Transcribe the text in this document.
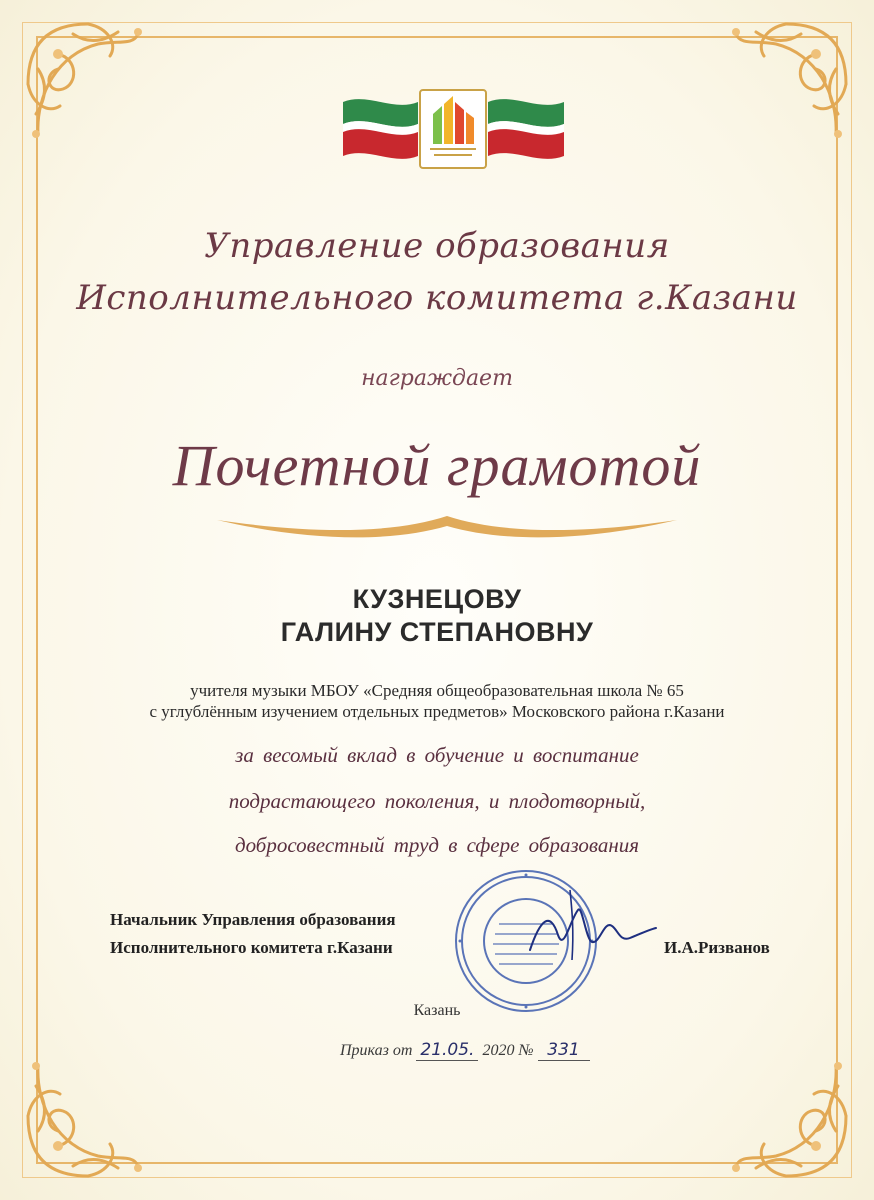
Управление образования
Исполнительного комитета г.Казани
награждает
Почетной грамотой
КУЗНЕЦОВУ
ГАЛИНУ СТЕПАНОВНУ
учителя музыки МБОУ «Средняя общеобразовательная школа № 65
с углублённым изучением отдельных предметов» Московского района г.Казани
за весомый вклад в обучение и воспитание
подрастающего поколения, и плодотворный,
добросовестный труд в сфере образования
Начальник Управления образования
Исполнительного комитета г.Казани	И.А.Ризванов
Казань
Приказ от 21.05. 2020 № 331
